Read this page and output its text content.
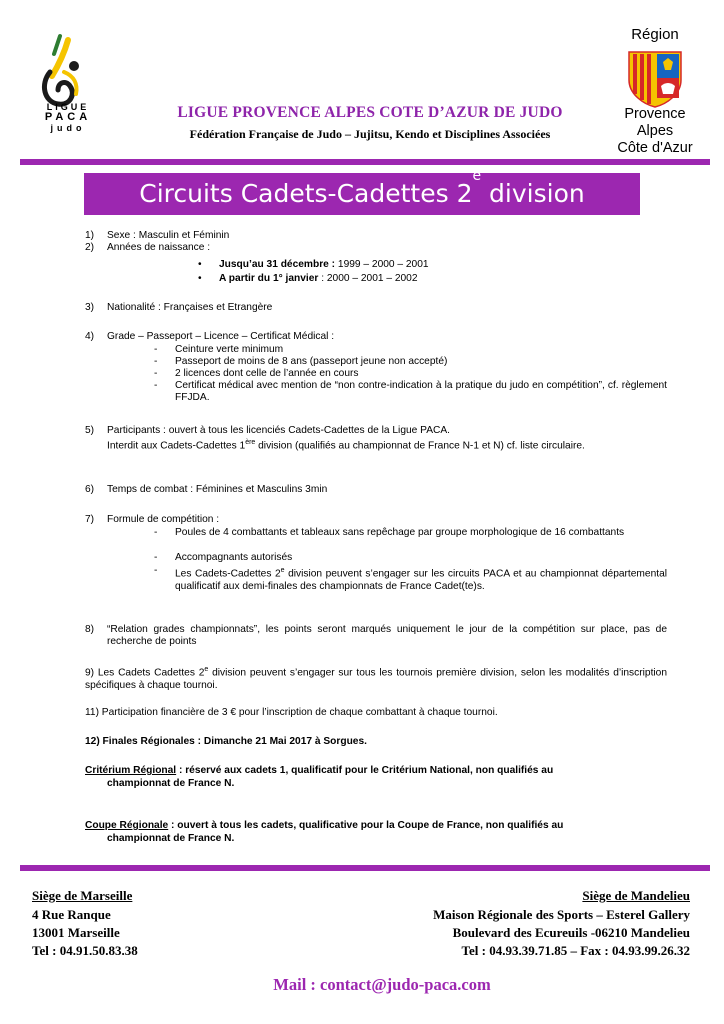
LIGUE
PACA
judo
LIGUE PROVENCE ALPES COTE D’AZUR DE JUDO
Fédération Française de Judo – Jujitsu, Kendo et Disciplines Associées
Région
Provence
Alpes
Côte d'Azur
Circuits Cadets-Cadettes 2e division
1) Sexe : Masculin et Féminin
2) Années de naissance :
• Jusqu’au 31 décembre : 1999 – 2000 – 2001
• A partir du 1° janvier : 2000 – 2001 – 2002
3) Nationalité : Françaises et Etrangère
4) Grade – Passeport – Licence – Certificat Médical :
- Ceinture verte minimum
- Passeport de moins de 8 ans (passeport jeune non accepté)
- 2 licences dont celle de l’année en cours
- Certificat médical avec mention de “non contre-indication à la pratique du judo en compétition”, cf. règlement FFJDA.
5) Participants : ouvert à tous les licenciés Cadets-Cadettes de la Ligue PACA.
Interdit aux Cadets-Cadettes 1ère division (qualifiés au championnat de France N-1 et N) cf. liste circulaire.
6) Temps de combat : Féminines et Masculins 3min
7) Formule de compétition :
- Poules de 4 combattants et tableaux sans repêchage par groupe morphologique de 16 combattants
- Accompagnants autorisés
- Les Cadets-Cadettes 2e division peuvent s’engager sur les circuits PACA et au championnat départemental qualificatif aux demi-finales des championnats de France Cadet(te)s.
8) “Relation grades championnats”, les points seront marqués uniquement le jour de la compétition sur place, pas de recherche de points
9) Les Cadets Cadettes 2e division peuvent s’engager sur tous les tournois première division, selon les modalités d’inscription spécifiques à chaque tournoi.
11) Participation financière de 3 € pour l’inscription de chaque combattant à chaque tournoi.
12) Finales Régionales : Dimanche 21 Mai 2017 à Sorgues.
Critérium Régional : réservé aux cadets 1, qualificatif pour le Critérium National, non qualifiés au
championnat de France N.
Coupe Régionale : ouvert à tous les cadets, qualificative pour la Coupe de France, non qualifiés au
championnat de France N.
Siège de Marseille
4 Rue Ranque
13001 Marseille
Tel : 04.91.50.83.38
Siège de Mandelieu
Maison Régionale des Sports – Esterel Gallery
Boulevard des Ecureuils -06210 Mandelieu
Tel : 04.93.39.71.85 – Fax : 04.93.99.26.32
Mail : contact@judo-paca.com
